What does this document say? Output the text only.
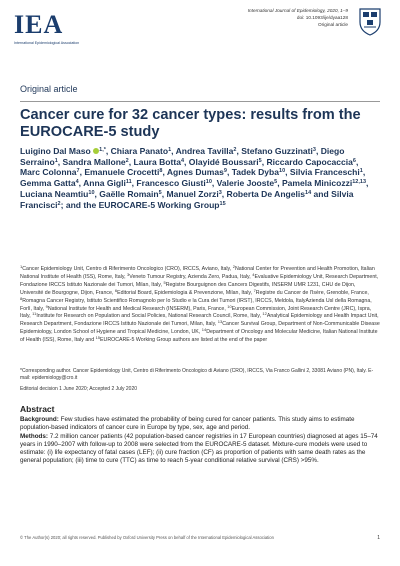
IEA
International Epidemiological Association
International Journal of Epidemiology, 2020, 1–9
doi: 10.1093/ije/dyaa128
Original article
Original article
Cancer cure for 32 cancer types: results from the EUROCARE-5 study

Luigino Dal Maso $^{1,*}$, Chiara Panato$^1$, Andrea Tavilla$^2$, Stefano Guzzinati$^3$, Diego Serraino$^1$, Sandra Mallone$^2$, Laura Botta$^4$, Olayidé Boussari$^5$, Riccardo Capocaccia$^6$, Marc Colonna$^7$, Emanuele Crocetti$^8$, Agnes Dumas$^9$, Tadek Dyba$^{10}$, Silvia Franceschi$^1$, Gemma Gatta$^4$, Anna Gigli$^{11}$, Francesco Giusti$^{10}$, Valerie Jooste$^5$, Pamela Minicozzi$^{12,13}$, Luciana Neamtiu$^{10}$, Gaëlle Romain$^5$, Manuel Zorzi$^3$, Roberta De Angelis$^{14}$ and Silvia Francisci$^2$; and the EUROCARE-5 Working Group$^{15}$

$^1$Cancer Epidemiology Unit, Centro di Riferimento Oncologico (CRO), IRCCS, Aviano, Italy, $^2$National Center for Prevention and Health Promotion, Italian National Institute of Health (ISS), Rome, Italy, $^3$Veneto Tumour Registry, Azienda Zero, Padua, Italy, $^4$Evaluative Epidemiology Unit, Research Department, Fondazione IRCCS Istituto Nazionale dei Tumori, Milan, Italy, $^5$Registre Bourguignon des Cancers Digestifs, INSERM UMR 1231, CHU de Dijon, Université de Bourgogne, Dijon, France, $^6$Editorial Board, Epidemiologia & Prevenzione, Milan, Italy, $^7$Registre du Cancer de l'Isère, Grenoble, France, $^8$Romagna Cancer Registry, Istituto Scientifico Romagnolo per lo Studio e la Cura dei Tumori (IRST), IRCCS, Meldola, ItalyAzienda Usl della Romagna, Forlì, Italy, $^9$National Institute for Health and Medical Research (INSERM), Paris, France, $^{10}$European Commission, Joint Research Centre (JRC), Ispra, Italy, $^{11}$Institute for Research on Population and Social Policies, National Research Council, Rome, Italy, $^{12}$Analytical Epidemiology and Health Impact Unit, Research Department, Fondazione IRCCS Istituto Nazionale dei Tumori, Milan, Italy, $^{13}$Cancer Survival Group, Department of Non-Communicable Disease Epidemiology, London School of Hygiene and Tropical Medicine, London, UK, $^{14}$Department of Oncology and Molecular Medicine, Italian National Institute of Health (ISS), Rome, Italy and $^{15}$EUROCARE-5 Working Group authors are listed at the end of the paper

*Corresponding author. Cancer Epidemiology Unit, Centro di Riferimento Oncologico di Aviano (CRO), IRCCS, Via Franco Gallini 2, 33081 Aviano (PN), Italy. E-mail: epidemiology@cro.it

Editorial decision 1 June 2020; Accepted 2 July 2020

Abstract

Background: Few studies have estimated the probability of being cured for cancer patients. This study aims to estimate population-based indicators of cancer cure in Europe by type, sex, age and period.

Methods: 7.2 million cancer patients (42 population-based cancer registries in 17 European countries) diagnosed at ages 15–74 years in 1990–2007 with follow-up to 2008 were selected from the EUROCARE-5 dataset. Mixture-cure models were used to estimate: (i) life expectancy of fatal cases (LEF); (ii) cure fraction (CF) as proportion of patients with same death rates as the general population; (iii) time to cure (TTC) as time to reach 5-year conditional relative survival (CRS) >95%.

© The Author(s) 2020; all rights reserved. Published by Oxford University Press on behalf of the International Epidemiological Association	1
